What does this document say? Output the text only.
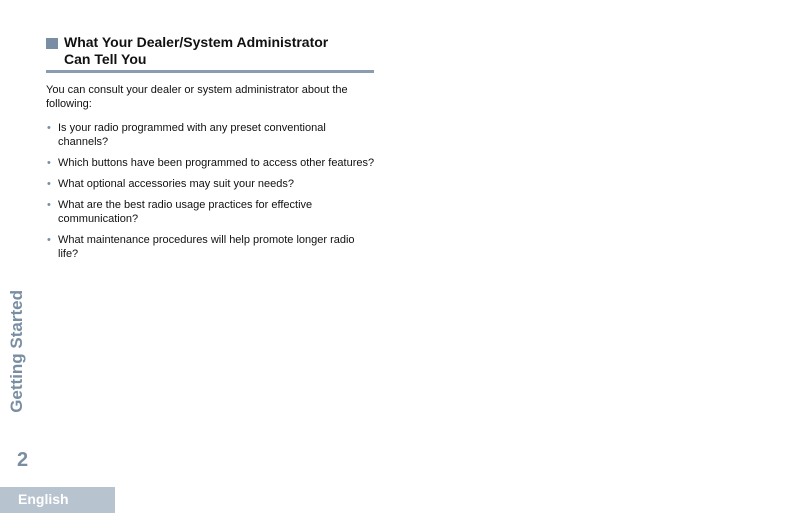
What Your Dealer/System Administrator
Can Tell You

You can consult your dealer or system administrator about the following:

• Is your radio programmed with any preset conventional channels?
• Which buttons have been programmed to access other features?
• What optional accessories may suit your needs?
• What are the best radio usage practices for effective communication?
• What maintenance procedures will help promote longer radio life?
Getting Started
2
English
